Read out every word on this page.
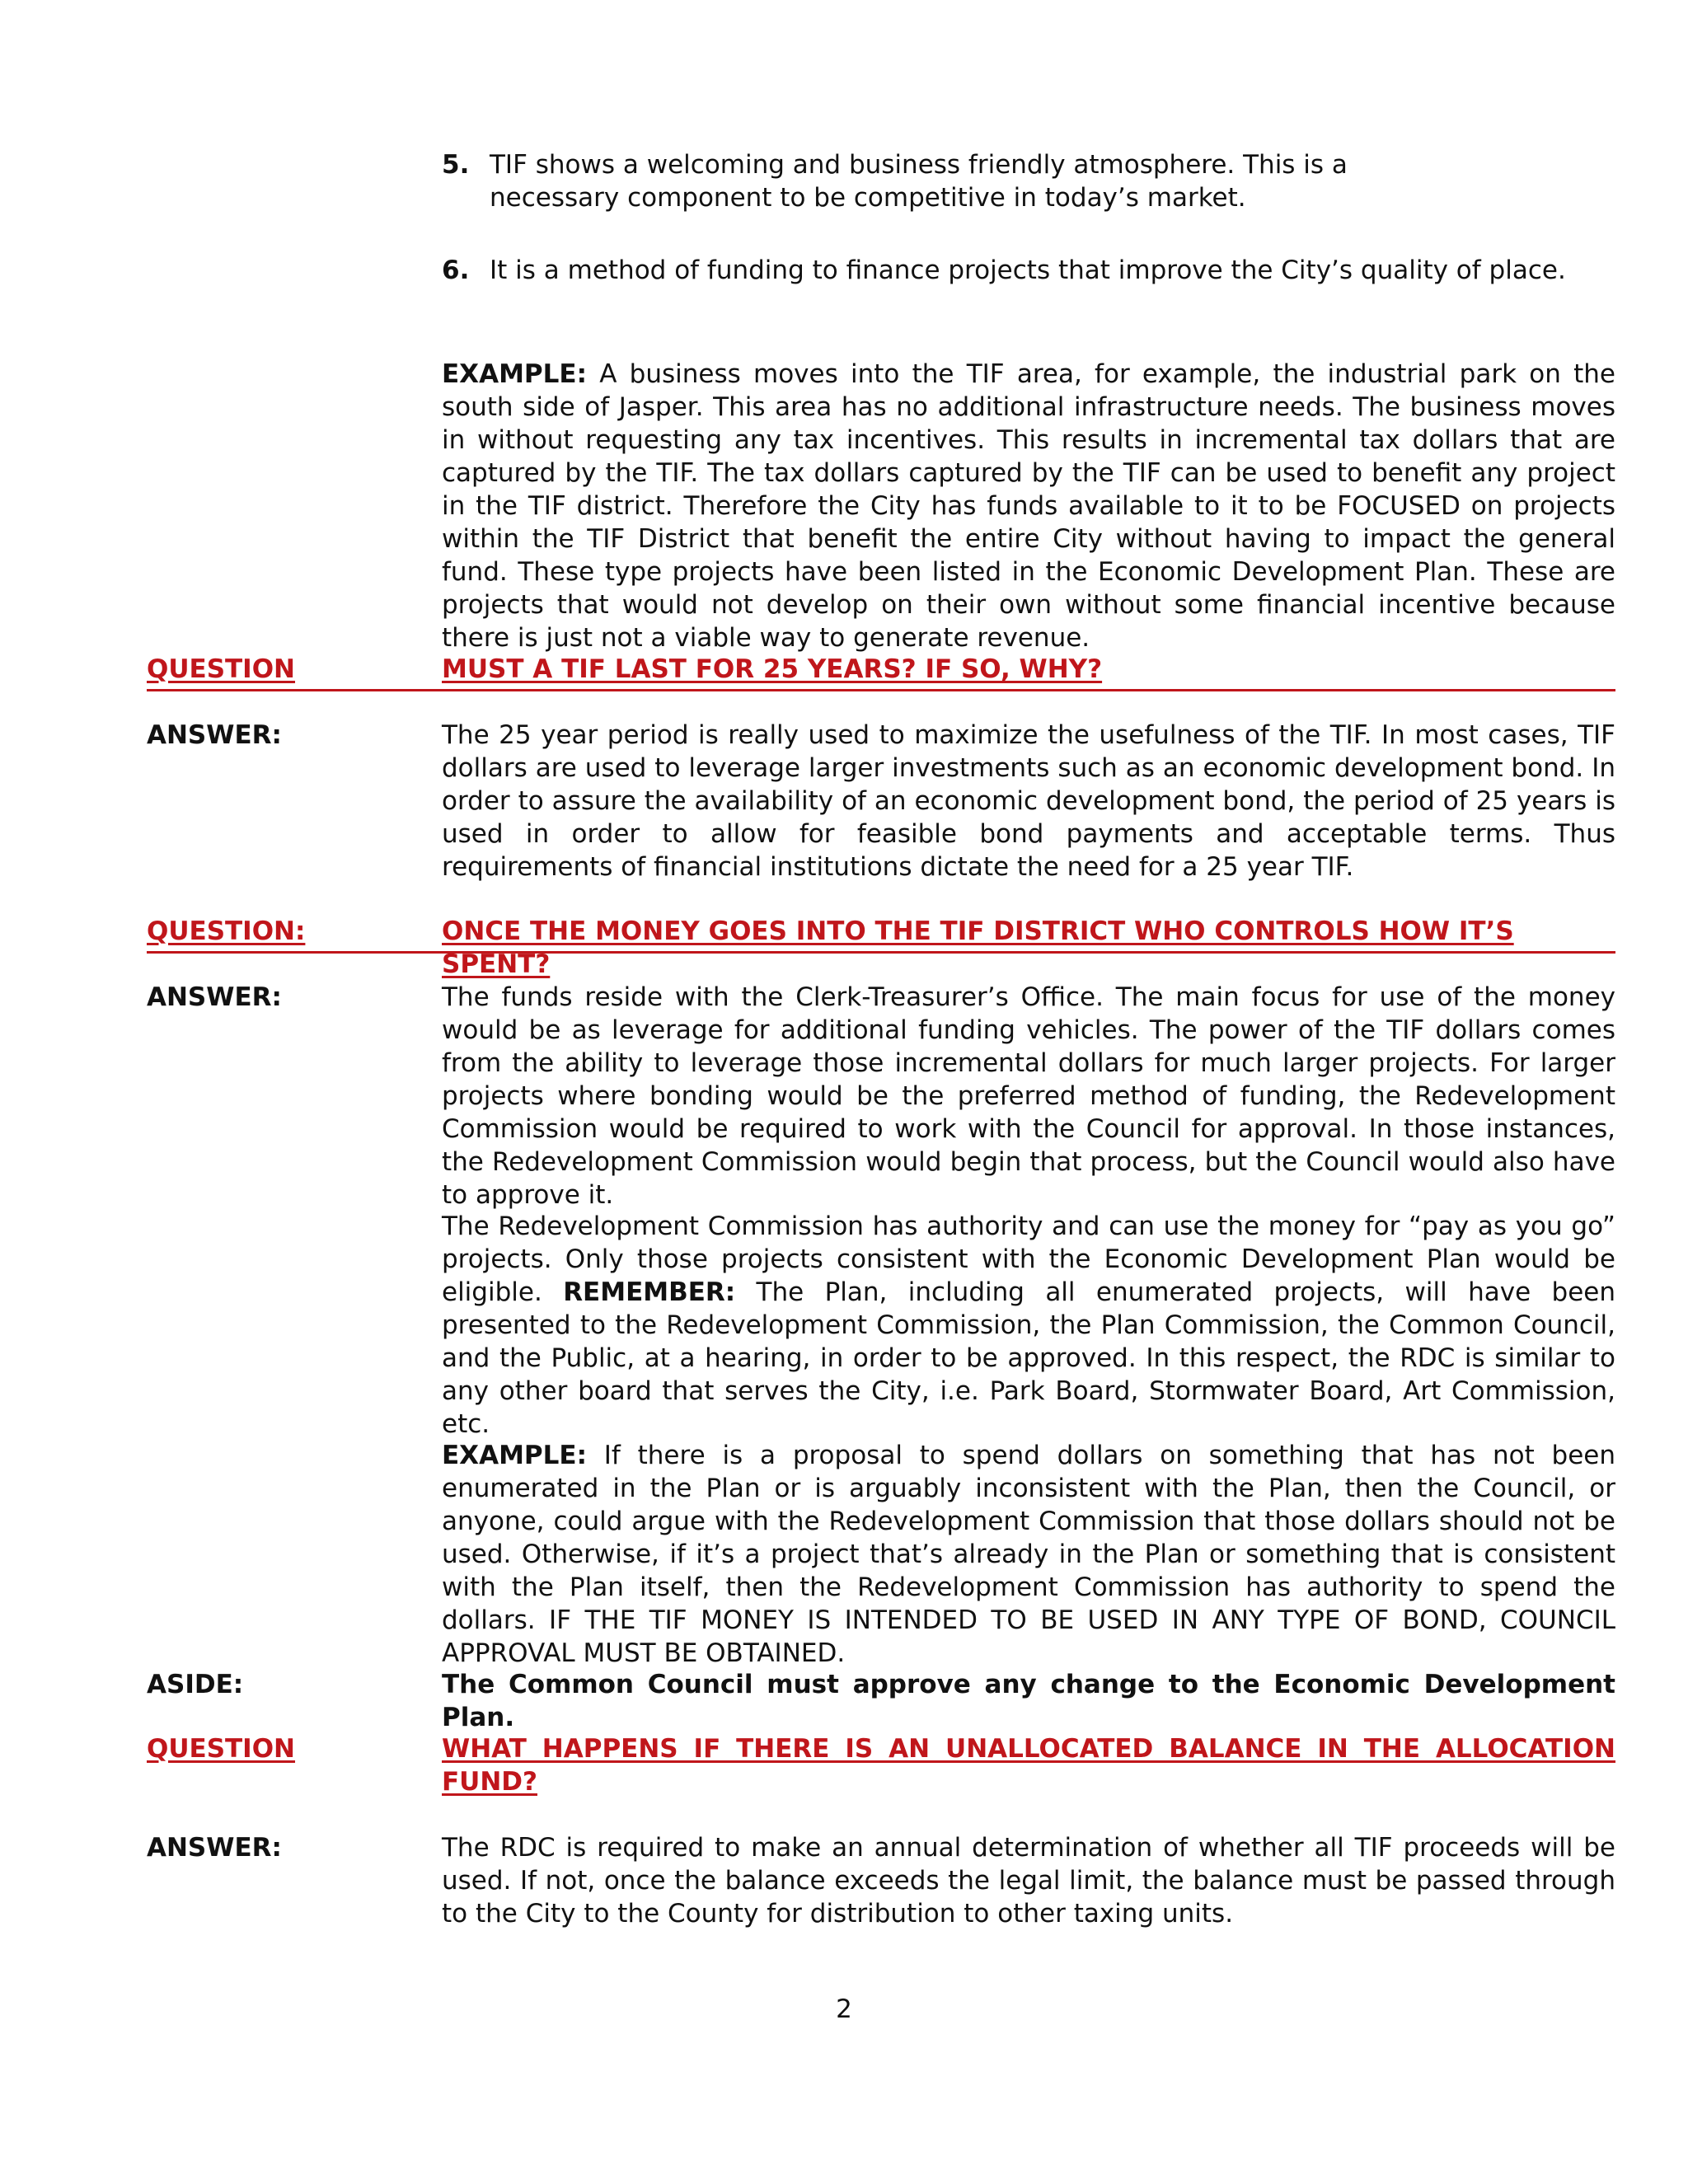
5. TIF shows a welcoming and business friendly atmosphere. This is a necessary component to be competitive in today’s market.
6. It is a method of funding to finance projects that improve the City’s quality of place.
EXAMPLE: A business moves into the TIF area, for example, the industrial park on the south side of Jasper. This area has no additional infrastructure needs. The business moves in without requesting any tax incentives. This results in incremental tax dollars that are captured by the TIF. The tax dollars captured by the TIF can be used to benefit any project in the TIF district. Therefore the City has funds available to it to be FOCUSED on projects within the TIF District that benefit the entire City without having to impact the general fund. These type projects have been listed in the Economic Development Plan. These are projects that would not develop on their own without some financial incentive because there is just not a viable way to generate revenue.
QUESTION	MUST A TIF LAST FOR 25 YEARS? IF SO, WHY?
ANSWER:	The 25 year period is really used to maximize the usefulness of the TIF. In most cases, TIF dollars are used to leverage larger investments such as an economic development bond. In order to assure the availability of an economic development bond, the period of 25 years is used in order to allow for feasible bond payments and acceptable terms. Thus requirements of financial institutions dictate the need for a 25 year TIF.
QUESTION:	ONCE THE MONEY GOES INTO THE TIF DISTRICT WHO CONTROLS HOW IT’S SPENT?
ANSWER:	The funds reside with the Clerk-Treasurer’s Office. The main focus for use of the money would be as leverage for additional funding vehicles. The power of the TIF dollars comes from the ability to leverage those incremental dollars for much larger projects. For larger projects where bonding would be the preferred method of funding, the Redevelopment Commission would be required to work with the Council for approval. In those instances, the Redevelopment Commission would begin that process, but the Council would also have to approve it.
The Redevelopment Commission has authority and can use the money for “pay as you go” projects. Only those projects consistent with the Economic Development Plan would be eligible. REMEMBER: The Plan, including all enumerated projects, will have been presented to the Redevelopment Commission, the Plan Commission, the Common Council, and the Public, at a hearing, in order to be approved. In this respect, the RDC is similar to any other board that serves the City, i.e. Park Board, Stormwater Board, Art Commission, etc.
EXAMPLE: If there is a proposal to spend dollars on something that has not been enumerated in the Plan or is arguably inconsistent with the Plan, then the Council, or anyone, could argue with the Redevelopment Commission that those dollars should not be used. Otherwise, if it’s a project that’s already in the Plan or something that is consistent with the Plan itself, then the Redevelopment Commission has authority to spend the dollars. IF THE TIF MONEY IS INTENDED TO BE USED IN ANY TYPE OF BOND, COUNCIL APPROVAL MUST BE OBTAINED.
ASIDE:	The Common Council must approve any change to the Economic Development Plan.
QUESTION	WHAT HAPPENS IF THERE IS AN UNALLOCATED BALANCE IN THE ALLOCATION FUND?
ANSWER:	The RDC is required to make an annual determination of whether all TIF proceeds will be used. If not, once the balance exceeds the legal limit, the balance must be passed through to the City to the County for distribution to other taxing units.
2
